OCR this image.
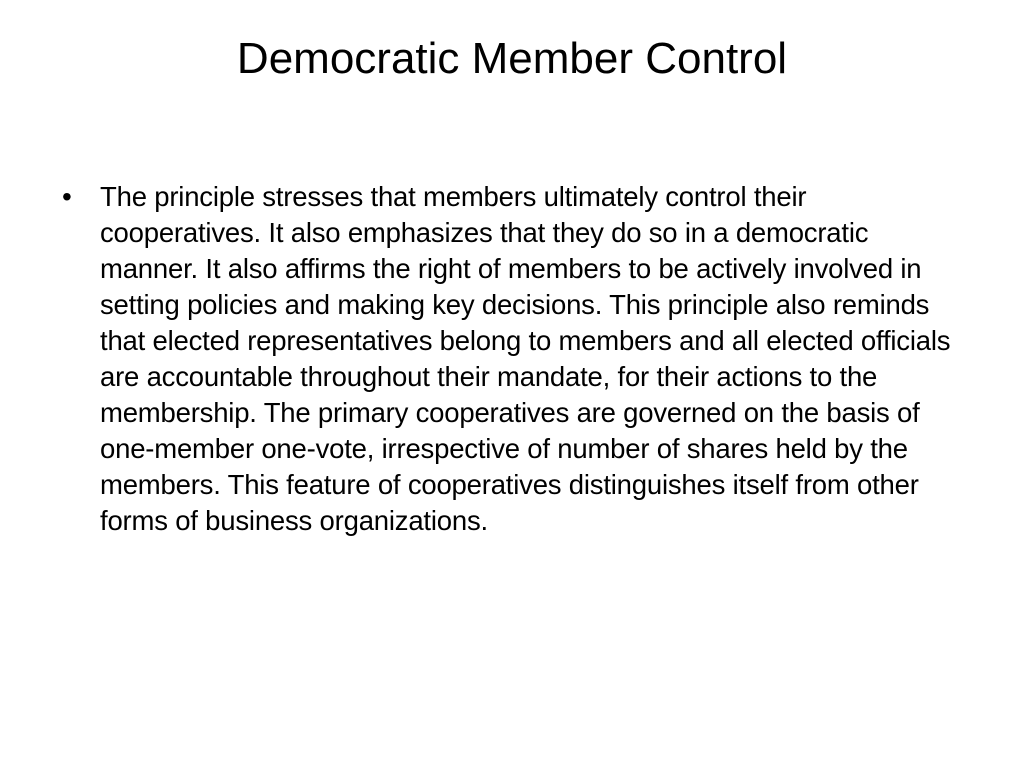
Democratic Member Control
•	The principle stresses that members ultimately control their cooperatives. It also emphasizes that they do so in a democratic manner. It also affirms the right of members to be actively involved in setting policies and making key decisions. This principle also reminds that elected representatives belong to members and all elected officials are accountable throughout their mandate, for their actions to the membership. The primary cooperatives are governed on the basis of one-member one-vote, irrespective of number of shares held by the members. This feature of cooperatives distinguishes itself from other forms of business organizations.
